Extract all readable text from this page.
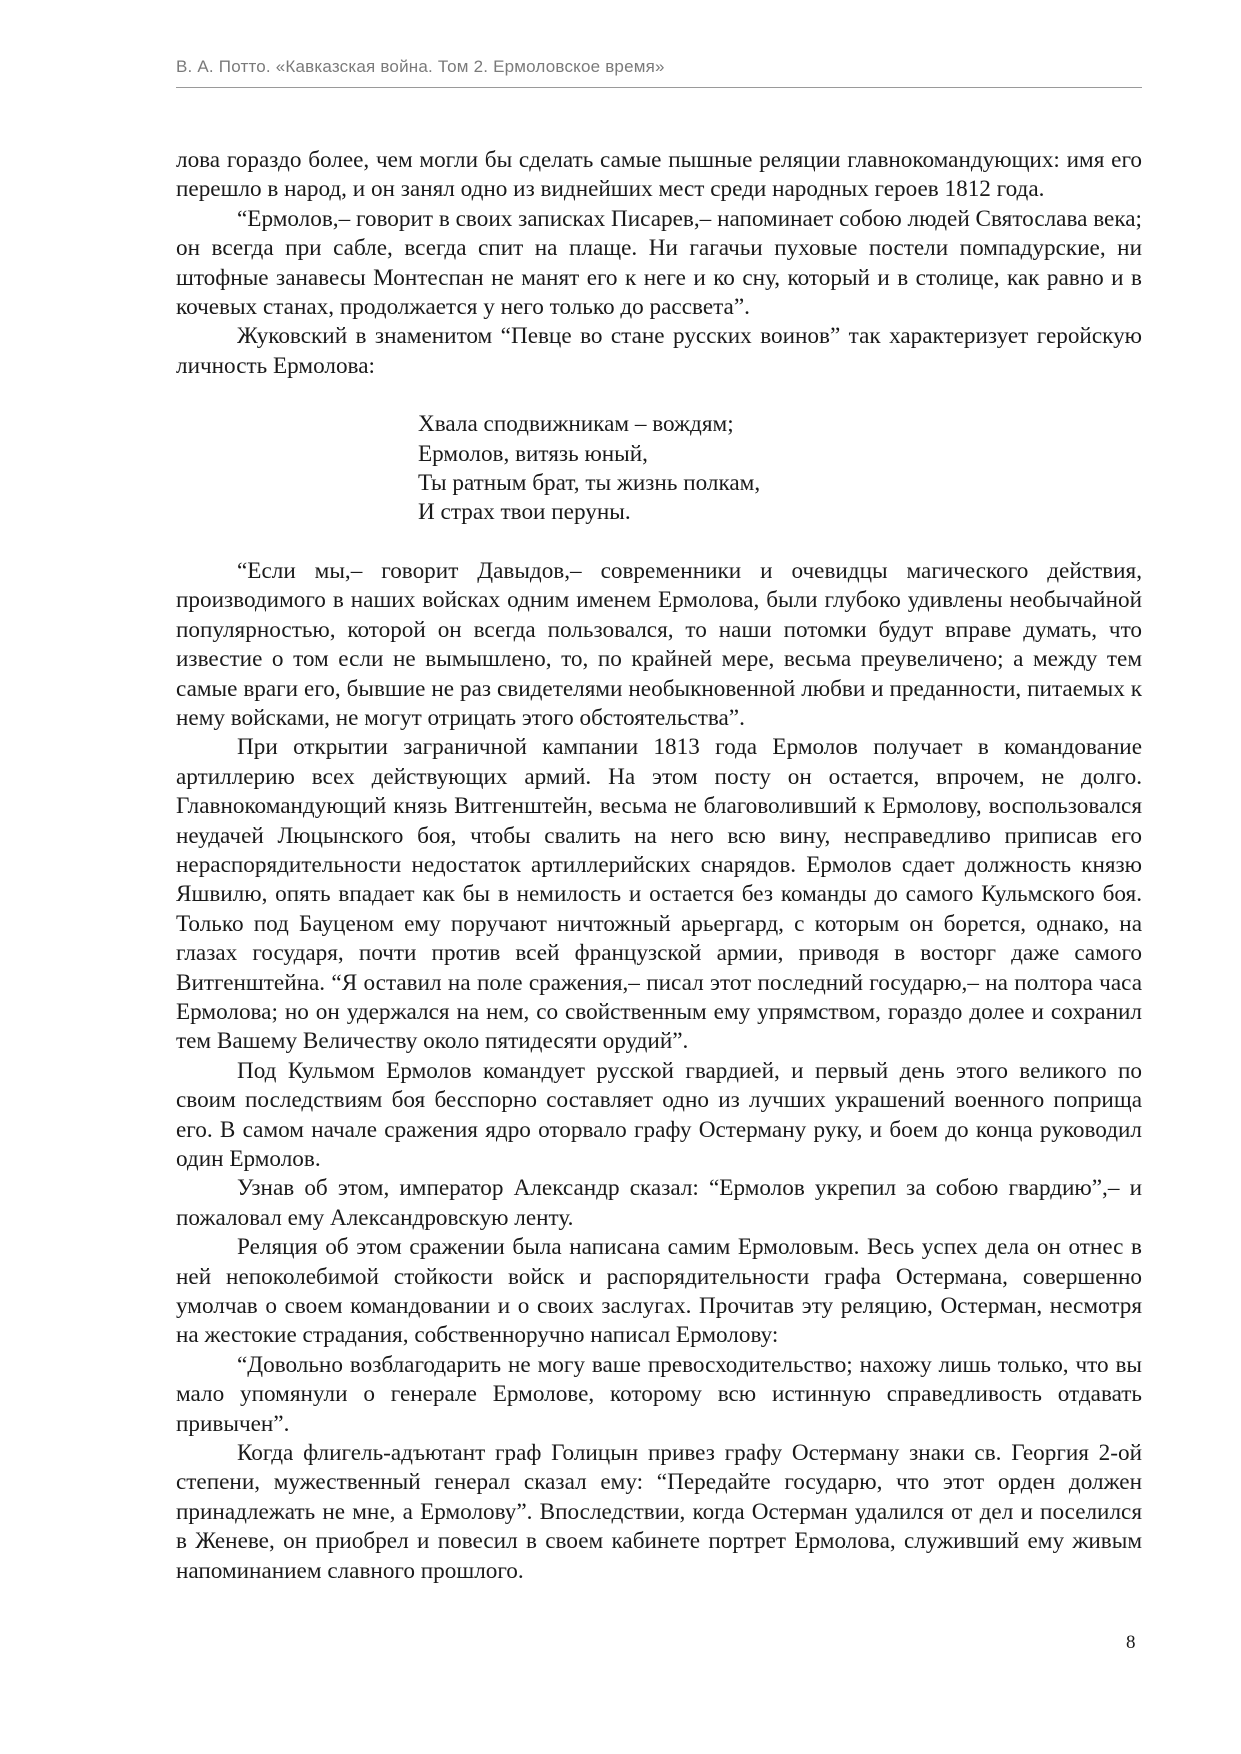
В. А. Потто. «Кавказская война. Том 2. Ермоловское время»

лова гораздо более, чем могли бы сделать самые пышные реляции главнокомандующих: имя его перешло в народ, и он занял одно из виднейших мест среди народных героев 1812 года.

“Ермолов,– говорит в своих записках Писарев,– напоминает собою людей Святослава века; он всегда при сабле, всегда спит на плаще. Ни гагачьи пуховые постели помпадурские, ни штофные занавесы Монтеспан не манят его к неге и ко сну, который и в столице, как равно и в кочевых станах, продолжается у него только до рассвета”.

Жуковский в знаменитом “Певце во стане русских воинов” так характеризует геройскую личность Ермолова:

Хвала сподвижникам – вождям;
Ермолов, витязь юный,
Ты ратным брат, ты жизнь полкам,
И страх твои перуны.

“Если мы,– говорит Давыдов,– современники и очевидцы магического действия, производимого в наших войсках одним именем Ермолова, были глубоко удивлены необычайной популярностью, которой он всегда пользовался, то наши потомки будут вправе думать, что известие о том если не вымышлено, то, по крайней мере, весьма преувеличено; а между тем самые враги его, бывшие не раз свидетелями необыкновенной любви и преданности, питаемых к нему войсками, не могут отрицать этого обстоятельства”.

При открытии заграничной кампании 1813 года Ермолов получает в командование артиллерию всех действующих армий. На этом посту он остается, впрочем, не долго. Главнокомандующий князь Витгенштейн, весьма не благоволивший к Ермолову, воспользовался неудачей Люцынского боя, чтобы свалить на него всю вину, несправедливо приписав его нераспорядительности недостаток артиллерийских снарядов. Ермолов сдает должность князю Яшвилю, опять впадает как бы в немилость и остается без команды до самого Кульмского боя. Только под Бауценом ему поручают ничтожный арьергард, с которым он борется, однако, на глазах государя, почти против всей французской армии, приводя в восторг даже самого Витгенштейна. “Я оставил на поле сражения,– писал этот последний государю,– на полтора часа Ермолова; но он удержался на нем, со свойственным ему упрямством, гораздо долее и сохранил тем Вашему Величеству около пятидесяти орудий”.

Под Кульмом Ермолов командует русской гвардией, и первый день этого великого по своим последствиям боя бесспорно составляет одно из лучших украшений военного поприща его. В самом начале сражения ядро оторвало графу Остерману руку, и боем до конца руководил один Ермолов.

Узнав об этом, император Александр сказал: “Ермолов укрепил за собою гвардию”,– и пожаловал ему Александровскую ленту.

Реляция об этом сражении была написана самим Ермоловым. Весь успех дела он отнес в ней непоколебимой стойкости войск и распорядительности графа Остермана, совершенно умолчав о своем командовании и о своих заслугах. Прочитав эту реляцию, Остерман, несмотря на жестокие страдания, собственноручно написал Ермолову:

“Довольно возблагодарить не могу ваше превосходительство; нахожу лишь только, что вы мало упомянули о генерале Ермолове, которому всю истинную справедливость отдавать привычен”.

Когда флигель-адъютант граф Голицын привез графу Остерману знаки св. Георгия 2-ой степени, мужественный генерал сказал ему: “Передайте государю, что этот орден должен принадлежать не мне, а Ермолову”. Впоследствии, когда Остерман удалился от дел и поселился в Женеве, он приобрел и повесил в своем кабинете портрет Ермолова, служивший ему живым напоминанием славного прошлого.

8
